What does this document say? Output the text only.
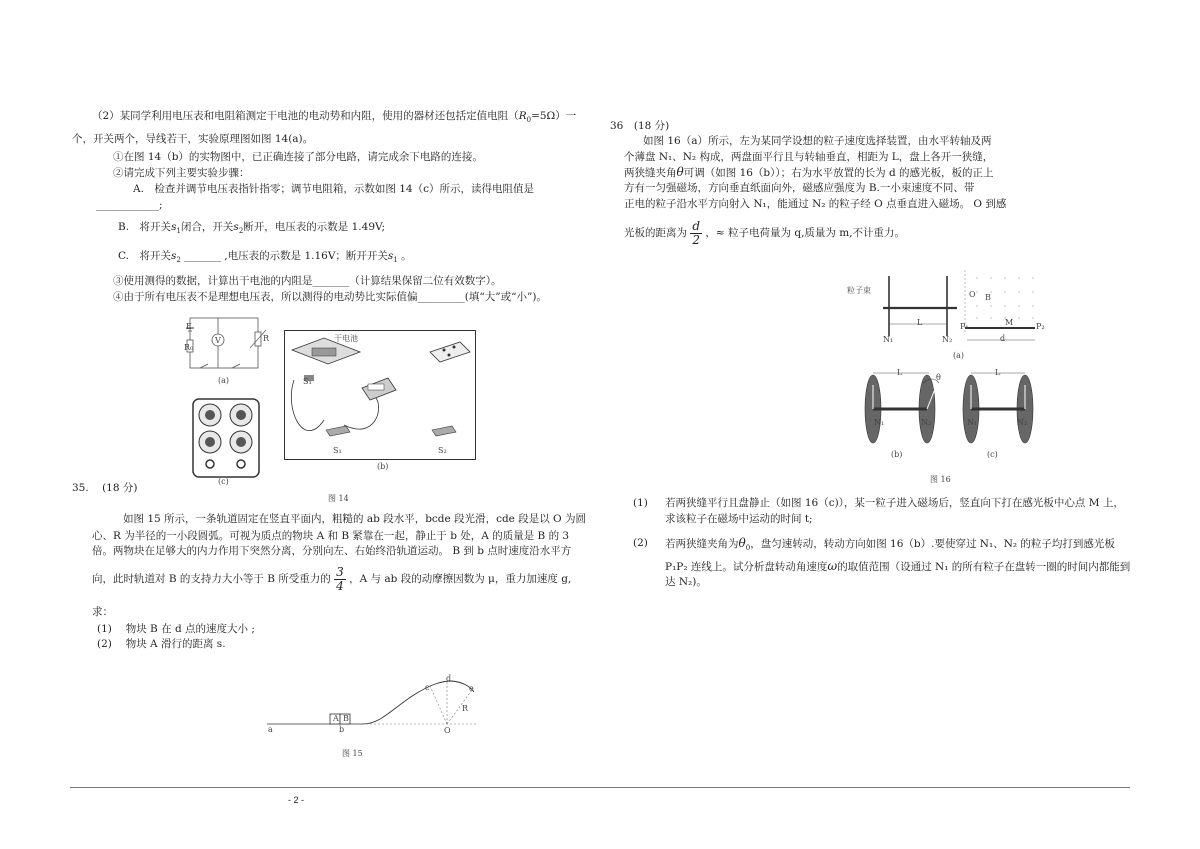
（2）某同学利用电压表和电阻箱测定干电池的电动势和内阻，使用的器材还包括定值电阻$(R_0=5\Omega)$一
个，开关两个，导线若干，实验原理图如图 14(a)。
①在图 14（b）的实物图中，已正确连接了部分电路，请完成余下电路的连接。
②请完成下列主要实验步骤：
A.　检查并调节电压表指针指零；调节电阻箱，示数如图 14（c）所示，读得电阻值是
____________;
B.　将开关$s_1$闭合，开关$s_2$断开，电压表的示数是 1.49V;
C.　将开关$s_2$ _______ ,电压表的示数是 1.16V；断开开关$s_1$ 。
③使用测得的数据，计算出干电池的内阻是_______（计算结果保留二位有效数字）。
④由于所有电压表不是理想电压表，所以测得的电动势比实际值偏_________(填“大”或“小”)。
E
R₀
V	R
(a)
(c)
干电池
S₁
S₁	S₂
(b)
图 14
35. (18 分)
如图 15 所示，一条轨道固定在竖直平面内，粗糙的 ab 段水平，bcde 段光滑，cde 段是以 O 为圆
心、R 为半径的一小段圆弧。可视为质点的物块 A 和 B 紧靠在一起，静止于 b 处，A 的质量是 B 的 3
倍。两物块在足够大的内力作用下突然分离，分别向左、右始终沿轨道运动。 B 到 b 点时速度沿水平方
向，此时轨道对 B 的支持力大小等于 B 所受重力的 $\frac{3}{4}$ ，A 与 ab 段的动摩擦因数为 μ，重力加速度 g,
求：
(1)　 物块 B 在 d 点的速度大小 ;
(2)　 物块 A 滑行的距离 s.
A B
a	b
c
d
e
R
O
图 15
36　(18 分)
如图 16（a）所示，左为某同学设想的粒子速度选择装置，由水平转轴及两
个薄盘 N₁、N₂ 构成，两盘面平行且与转轴垂直，相距为 L，盘上各开一狭缝，
两狭缝夹角θ可调（如图 16（b））；右为水平放置的长为 d 的感光板，板的正上
方有一匀强磁场，方向垂直纸面向外，磁感应强度为 B.一小束速度不同、带
正电的粒子沿水平方向射入 N₁，能通过 N₂ 的粒子经 O 点垂直进入磁场。 O 到感
光板的距离为 $\frac{d}{2}$ ，≈ 粒子电荷量为 q,质量为 m,不计重力。
粒子束
L
N₁	N₂
O B
M
P₁	P₂
d
(a)
L	L
θ
N₁	N₂	N₁	N₂
(b)	(c)
图 16
(1) 若两狭缝平行且盘静止（如图 16（c)），某一粒子进入磁场后，竖直向下打在感光板中心点 M 上，
求该粒子在磁场中运动的时间 t;
(2) 若两狭缝夹角为$\theta_0$，盘匀速转动，转动方向如图 16（b）.要使穿过 N₁、N₂ 的粒子均打到感光板
P₁P₂ 连线上。试分析盘转动角速度ω的取值范围（设通过 N₁ 的所有粒子在盘转一圈的时间内都能到
达 N₂)。
- 2 -
